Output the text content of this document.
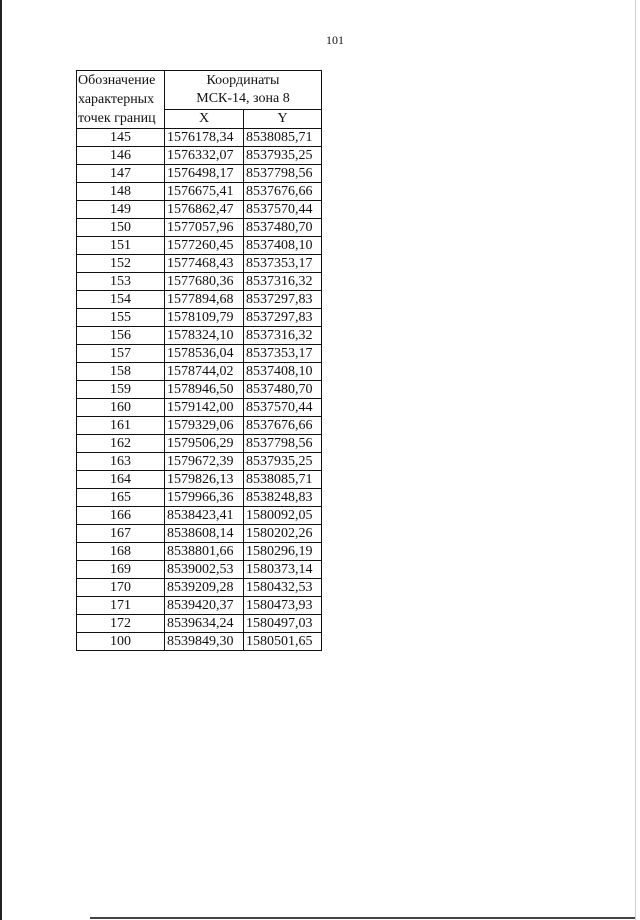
101
Обозначение
характерных
точек границ	Координаты
МСК-14, зона 8	
	X	Y
145	1576178,34	8538085,71
146	1576332,07	8537935,25
147	1576498,17	8537798,56
148	1576675,41	8537676,66
149	1576862,47	8537570,44
150	1577057,96	8537480,70
151	1577260,45	8537408,10
152	1577468,43	8537353,17
153	1577680,36	8537316,32
154	1577894,68	8537297,83
155	1578109,79	8537297,83
156	1578324,10	8537316,32
157	1578536,04	8537353,17
158	1578744,02	8537408,10
159	1578946,50	8537480,70
160	1579142,00	8537570,44
161	1579329,06	8537676,66
162	1579506,29	8537798,56
163	1579672,39	8537935,25
164	1579826,13	8538085,71
165	1579966,36	8538248,83
166	8538423,41	1580092,05
167	8538608,14	1580202,26
168	8538801,66	1580296,19
169	8539002,53	1580373,14
170	8539209,28	1580432,53
171	8539420,37	1580473,93
172	8539634,24	1580497,03
100	8539849,30	1580501,65
